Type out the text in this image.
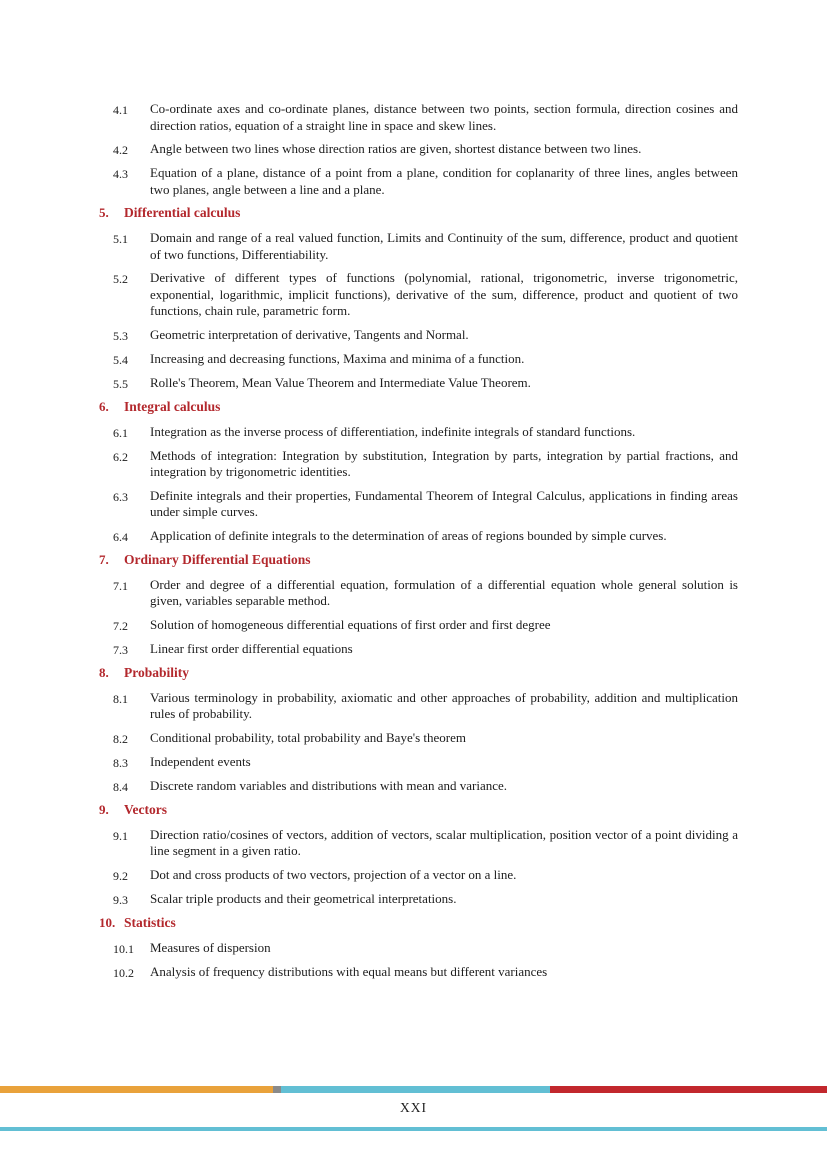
4.1	Co-ordinate axes and co-ordinate planes, distance between two points, section formula, direction cosines and direction ratios, equation of a straight line in space and skew lines.
4.2	Angle between two lines whose direction ratios are given, shortest distance between two lines.
4.3	Equation of a plane, distance of a point from a plane, condition for coplanarity of three lines, angles between two planes, angle between a line and a plane.
5.	Differential calculus
5.1	Domain and range of a real valued function, Limits and Continuity of the sum, difference, product and quotient of two functions, Differentiability.
5.2	Derivative of different types of functions (polynomial, rational, trigonometric, inverse trigonometric, exponential, logarithmic, implicit functions), derivative of the sum, difference, product and quotient of two functions, chain rule, parametric form.
5.3	Geometric interpretation of derivative, Tangents and Normal.
5.4	Increasing and decreasing functions, Maxima and minima of a function.
5.5	Rolle's Theorem, Mean Value Theorem and Intermediate Value Theorem.
6.	Integral calculus
6.1	Integration as the inverse process of differentiation, indefinite integrals of standard functions.
6.2	Methods of integration: Integration by substitution, Integration by parts, integration by partial fractions, and integration by trigonometric identities.
6.3	Definite integrals and their properties, Fundamental Theorem of Integral Calculus, applications in finding areas under simple curves.
6.4	Application of definite integrals to the determination of areas of regions bounded by simple curves.
7.	Ordinary Differential Equations
7.1	Order and degree of a differential equation, formulation of a differential equation whole general solution is given, variables separable method.
7.2	Solution of homogeneous differential equations of first order and first degree
7.3	Linear first order differential equations
8.	Probability
8.1	Various terminology in probability, axiomatic and other approaches of probability, addition and multiplication rules of probability.
8.2	Conditional probability, total probability and Baye's theorem
8.3	Independent events
8.4	Discrete random variables and distributions with mean and variance.
9.	Vectors
9.1	Direction ratio/cosines of vectors, addition of vectors, scalar multiplication, position vector of a point dividing a line segment in a given ratio.
9.2	Dot and cross products of two vectors, projection of a vector on a line.
9.3	Scalar triple products and their geometrical interpretations.
10. Statistics
10.1	Measures of dispersion
10.2	Analysis of frequency distributions with equal means but different variances
XXI
